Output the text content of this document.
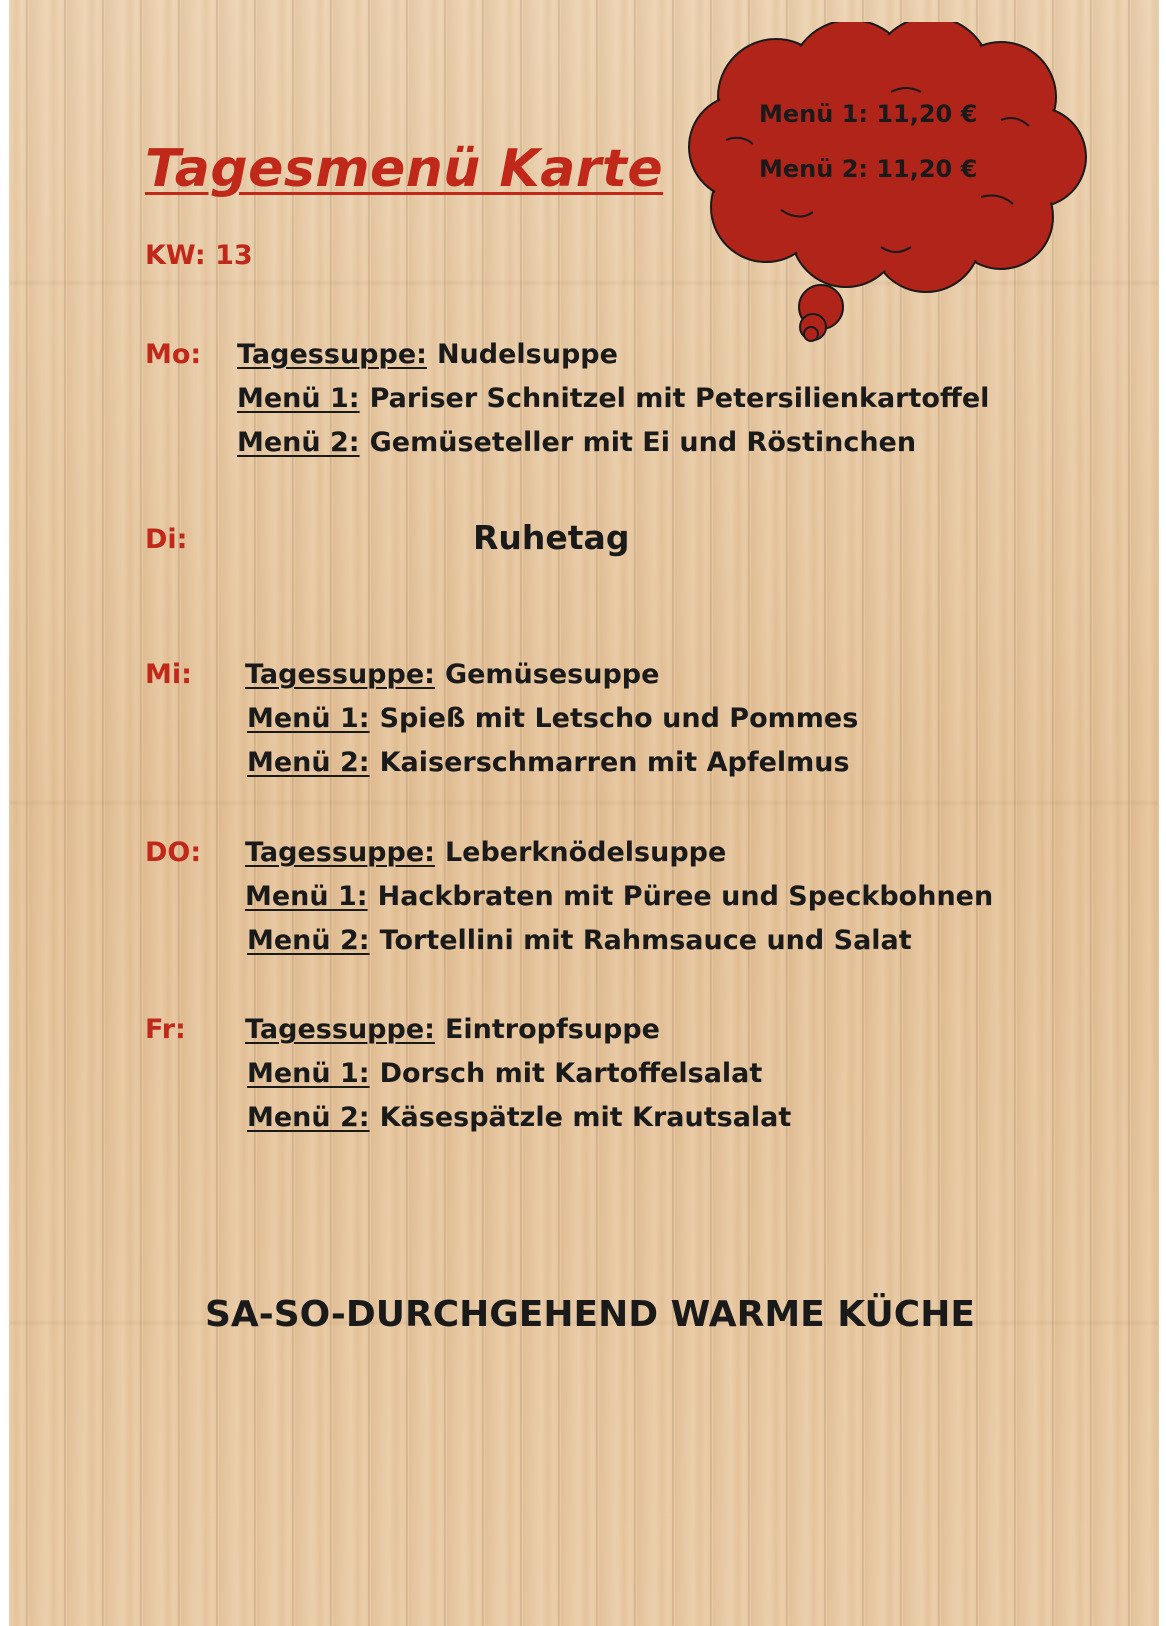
Tagesmenü Karte
KW: 13
Menü 1: 11,20 €
Menü 2: 11,20 €
Mo: Tagessuppe: Nudelsuppe
Menü 1: Pariser Schnitzel mit Petersilienkartoffel
Menü 2: Gemüseteller mit Ei und Röstinchen
Di:	Ruhetag
Mi: Tagessuppe: Gemüsesuppe
Menü 1: Spieß mit Letscho und Pommes
Menü 2: Kaiserschmarren mit Apfelmus
DO: Tagessuppe: Leberknödelsuppe
Menü 1: Hackbraten mit Püree und Speckbohnen
Menü 2: Tortellini mit Rahmsauce und Salat
Fr: Tagessuppe: Eintropfsuppe
Menü 1: Dorsch mit Kartoffelsalat
Menü 2: Käsespätzle mit Krautsalat
SA-SO-DURCHGEHEND WARME KÜCHE
